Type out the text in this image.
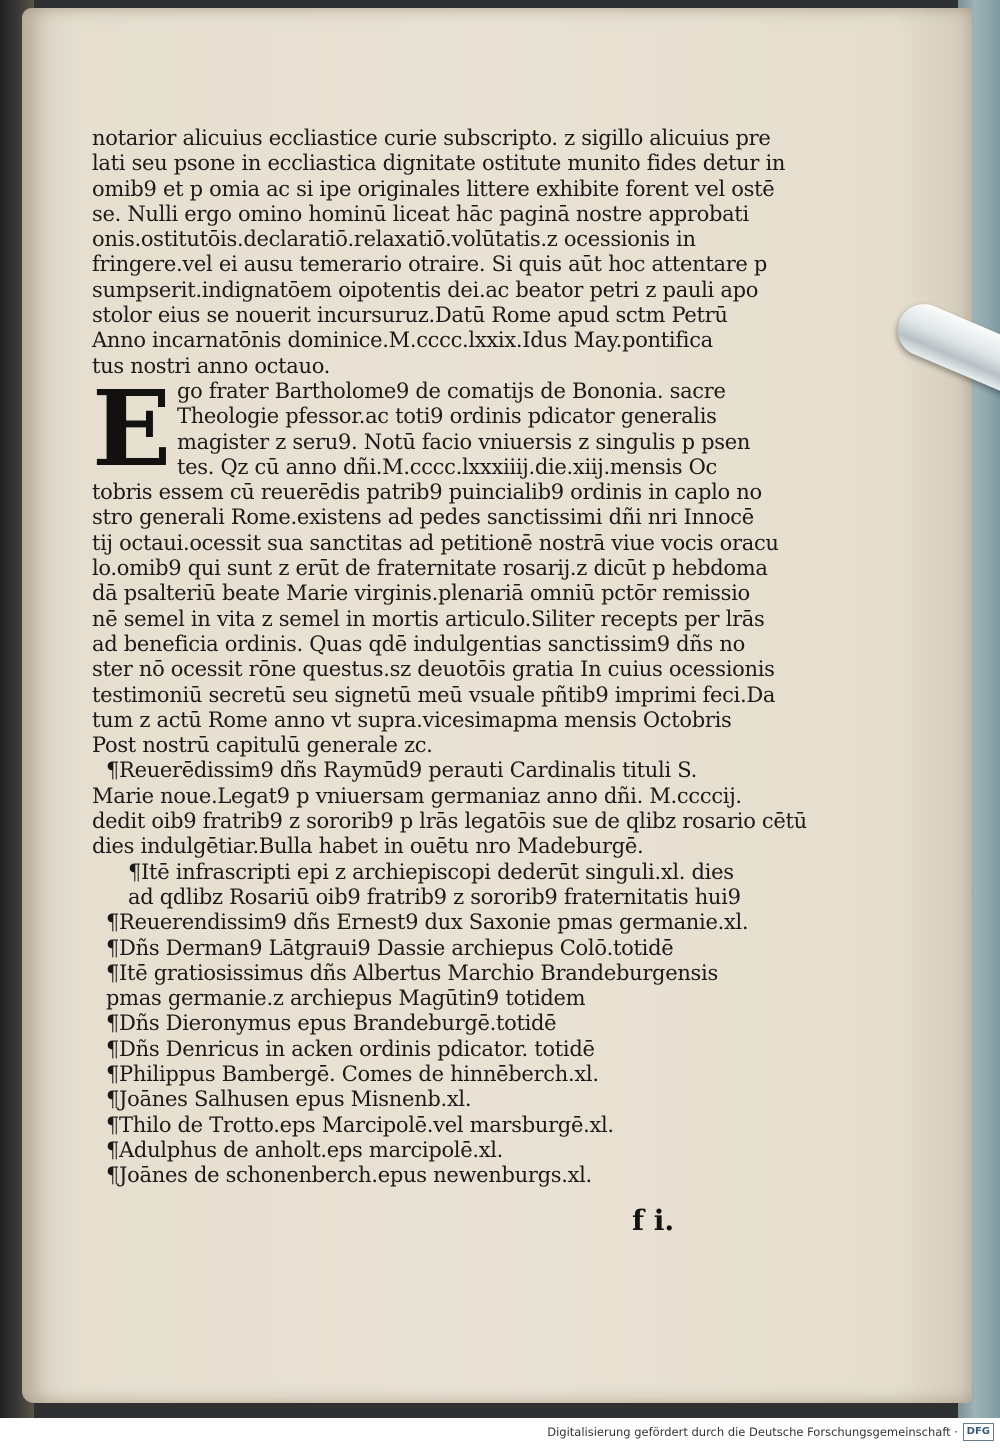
E
notarior alicuius eccliastice curie subscripto. z sigillo alicuius pre
lati seu psone in eccliastica dignitate ostitute munito fides detur in
omib9 et p omia ac si ipe originales littere exhibite forent vel ostē
se. Nulli ergo omino hominū liceat hāc paginā nostre approbati
onis.ostitutōis.declaratiō.relaxatiō.volūtatis.z ocessionis in
fringere.vel ei ausu temerario otraire. Si quis aūt hoc attentare p
sumpserit.indignatōem oipotentis dei.ac beator petri z pauli apo
stolor eius se nouerit incursuruz.Datū Rome apud sctm Petrū
Anno incarnatōnis dominice.M.cccc.lxxix.Idus May.pontifica
tus nostri anno octauo.
go frater Bartholome9 de comatijs de Bononia. sacre
Theologie pfessor.ac toti9 ordinis pdicator generalis
magister z seru9. Notū facio vniuersis z singulis p psen
tes. Qz cū anno dñi.M.cccc.lxxxiiij.die.xiij.mensis Oc
tobris essem cū reuerēdis patrib9 puincialib9 ordinis in caplo no
stro generali Rome.existens ad pedes sanctissimi dñi nri Innocē
tij octaui.ocessit sua sanctitas ad petitionē nostrā viue vocis oracu
lo.omib9 qui sunt z erūt de fraternitate rosarij.z dicūt p hebdoma
dā psalteriū beate Marie virginis.plenariā omniū pctōr remissio
nē semel in vita z semel in mortis articulo.Siliter recepts per lrās
ad beneficia ordinis. Quas qdē indulgentias sanctissim9 dñs no
ster nō ocessit rōne questus.sz deuotōis gratia In cuius ocessionis
testimoniū secretū seu signetū meū vsuale pñtib9 imprimi feci.Da
tum z actū Rome anno vt supra.vicesimapma mensis Octobris
Post nostrū capitulū generale zc.
¶Reuerēdissim9 dñs Raymūd9 perauti Cardinalis tituli S.
Marie noue.Legat9 p vniuersam germaniaz anno dñi. M.ccccij.
dedit oib9 fratrib9 z sororib9 p lrās legatōis sue de qlibz rosario cētū
dies indulgētiar.Bulla habet in ouētu nro Madeburgē.
¶Itē infrascripti epi z archiepiscopi dederūt singuli.xl. dies
ad qdlibz Rosariū oib9 fratrib9 z sororib9 fraternitatis hui9
¶Reuerendissim9 dñs Ernest9 dux Saxonie pmas germanie.xl.
¶Dñs Derman9 Lātgraui9 Dassie archiepus Colō.totidē
¶Itē gratiosissimus dñs Albertus Marchio Brandeburgensis
pmas germanie.z archiepus Magūtin9 totidem
¶Dñs Dieronymus epus Brandeburgē.totidē
¶Dñs Denricus in acken ordinis pdicator. totidē
¶Philippus Bambergē. Comes de hinnēberch.xl.
¶Joānes Salhusen epus Misnenb.xl.
¶Thilo de Trotto.eps Marcipolē.vel marsburgē.xl.
¶Adulphus de anholt.eps marcipolē.xl.
¶Joānes de schonenberch.epus newenburgs.xl.
f i.
Digitalisierung gefördert durch die Deutsche Forschungsgemeinschaft · DFG
